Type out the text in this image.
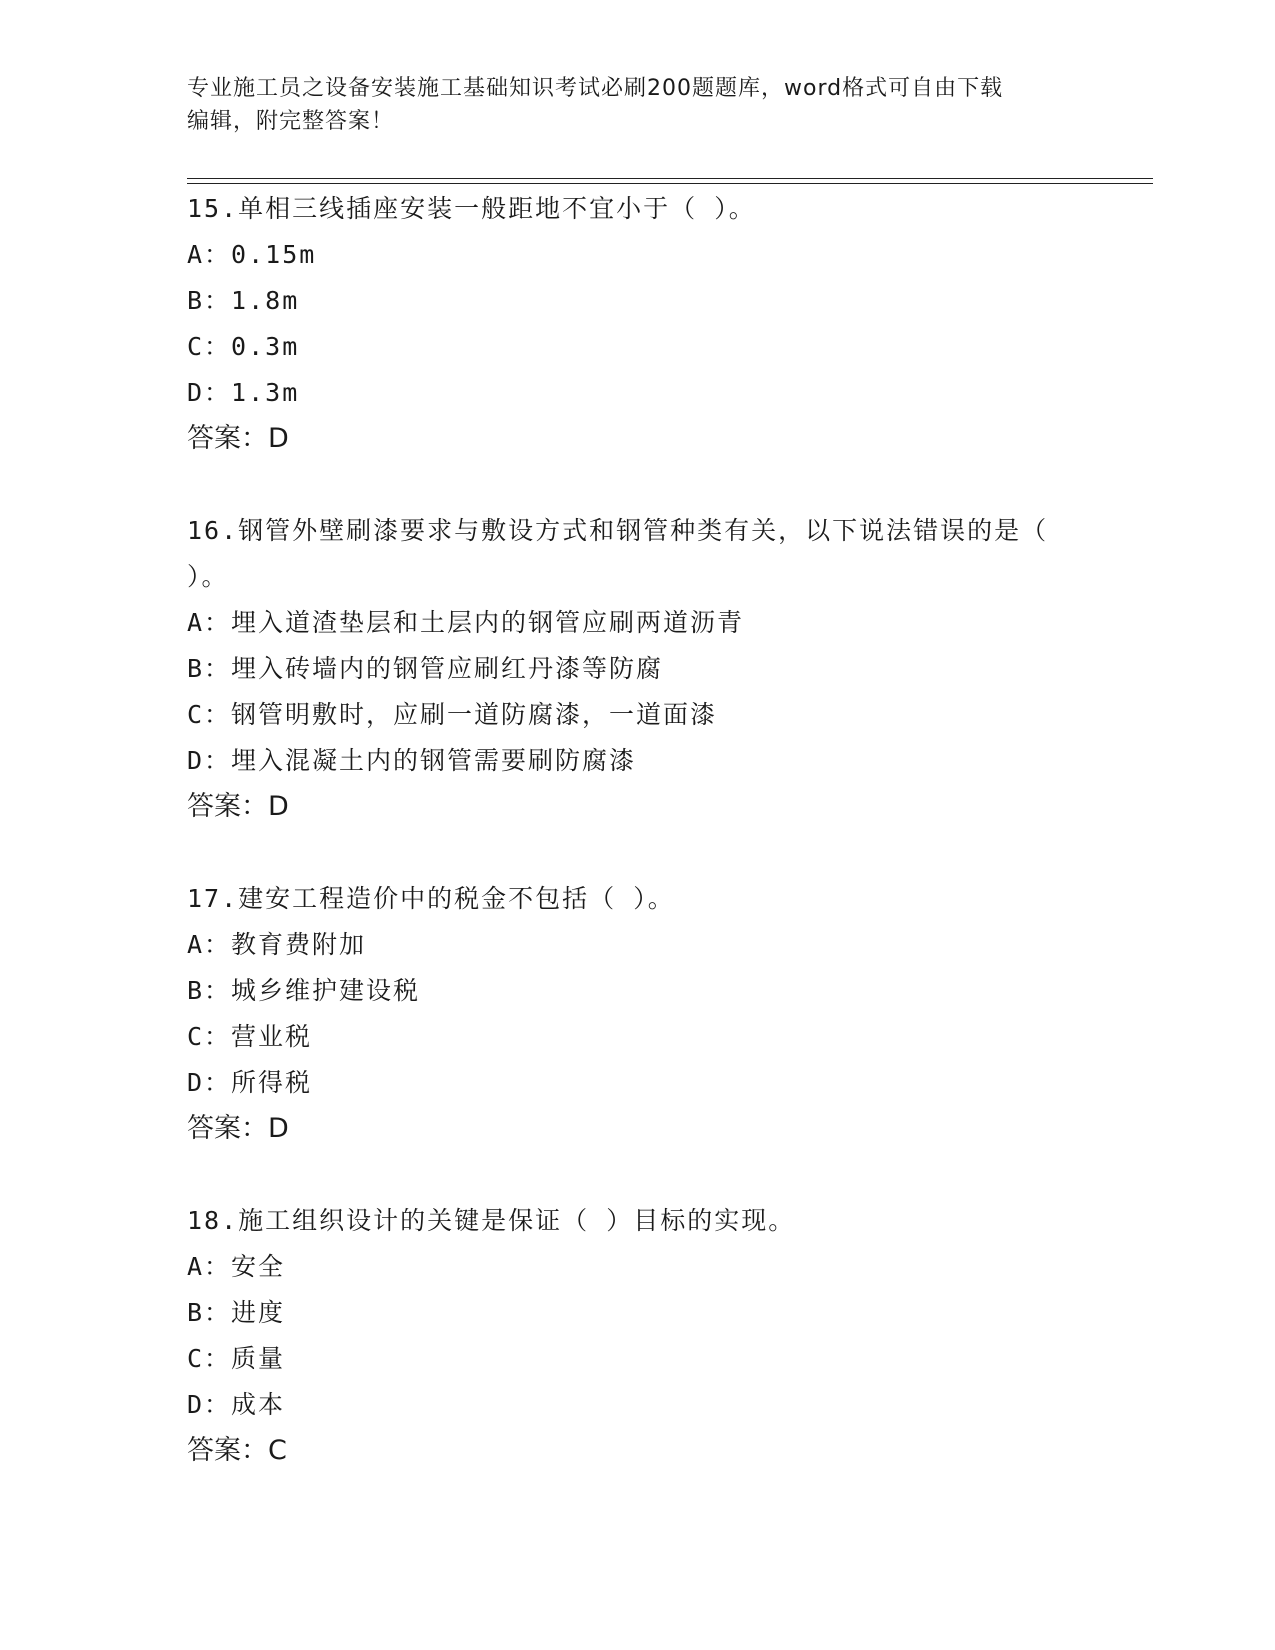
专业施工员之设备安装施工基础知识考试必刷200题题库，word格式可自由下载
编辑，附完整答案！
15.单相三线插座安装一般距地不宜小于（ ）。
A：0.15m
B：1.8m
C：0.3m
D：1.3m
答案：D
16.钢管外壁刷漆要求与敷设方式和钢管种类有关，以下说法错误的是（ ）。
A：埋入道渣垫层和土层内的钢管应刷两道沥青
B：埋入砖墙内的钢管应刷红丹漆等防腐
C：钢管明敷时，应刷一道防腐漆，一道面漆
D：埋入混凝土内的钢管需要刷防腐漆
答案：D
17.建安工程造价中的税金不包括（ ）。
A：教育费附加
B：城乡维护建设税
C：营业税
D：所得税
答案：D
18.施工组织设计的关键是保证（ ）目标的实现。
A：安全
B：进度
C：质量
D：成本
答案：C
